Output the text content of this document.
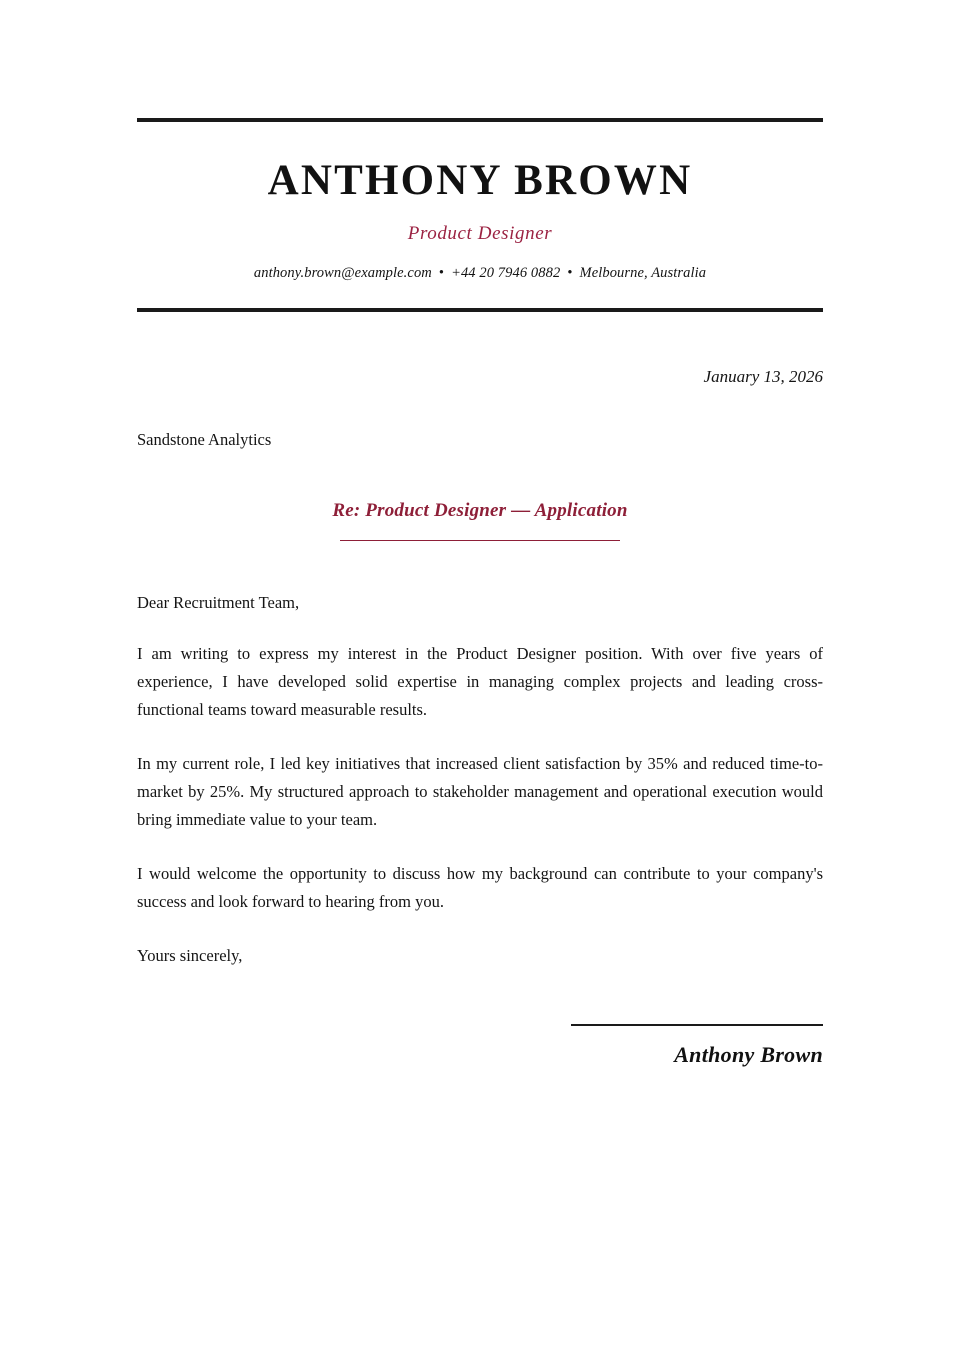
ANTHONY BROWN
Product Designer
anthony.brown@example.com • +44 20 7946 0882 • Melbourne, Australia
January 13, 2026
Sandstone Analytics
Re: Product Designer — Application
Dear Recruitment Team,

I am writing to express my interest in the Product Designer position. With over five years of experience, I have developed solid expertise in managing complex projects and leading cross-functional teams toward measurable results.

In my current role, I led key initiatives that increased client satisfaction by 35% and reduced time-to-market by 25%. My structured approach to stakeholder management and operational execution would bring immediate value to your team.

I would welcome the opportunity to discuss how my background can contribute to your company's success and look forward to hearing from you.

Yours sincerely,
Anthony Brown
